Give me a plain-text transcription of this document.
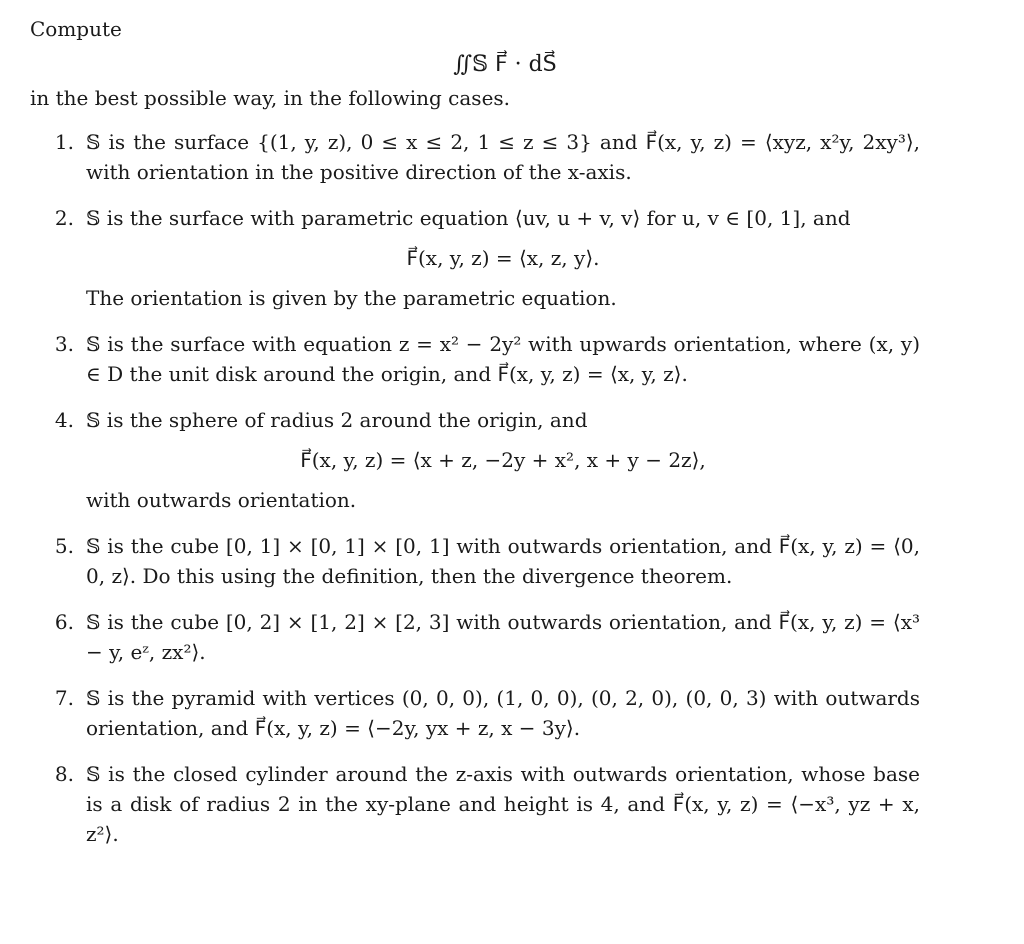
Compute

∬𝕊 F⃗ · dS⃗

in the best possible way, in the following cases.

1. 𝕊 is the surface {(1, y, z), 0 ≤ x ≤ 2, 1 ≤ z ≤ 3} and F⃗(x, y, z) = ⟨xyz, x²y, 2xy³⟩, with orientation in the positive direction of the x-axis.

2. 𝕊 is the surface with parametric equation ⟨uv, u + v, v⟩ for u, v ∈ [0, 1], and

F⃗(x, y, z) = ⟨x, z, y⟩.

The orientation is given by the parametric equation.

3. 𝕊 is the surface with equation z = x² − 2y² with upwards orientation, where (x, y) ∈ D the unit disk around the origin, and F⃗(x, y, z) = ⟨x, y, z⟩.

4. 𝕊 is the sphere of radius 2 around the origin, and

F⃗(x, y, z) = ⟨x + z, −2y + x², x + y − 2z⟩,

with outwards orientation.

5. 𝕊 is the cube [0, 1] × [0, 1] × [0, 1] with outwards orientation, and F⃗(x, y, z) = ⟨0, 0, z⟩. Do this using the definition, then the divergence theorem.

6. 𝕊 is the cube [0, 2] × [1, 2] × [2, 3] with outwards orientation, and F⃗(x, y, z) = ⟨x³ − y, eᶻ, zx²⟩.

7. 𝕊 is the pyramid with vertices (0, 0, 0), (1, 0, 0), (0, 2, 0), (0, 0, 3) with outwards orientation, and F⃗(x, y, z) = ⟨−2y, yx + z, x − 3y⟩.

8. 𝕊 is the closed cylinder around the z-axis with outwards orientation, whose base is a disk of radius 2 in the xy-plane and height is 4, and F⃗(x, y, z) = ⟨−x³, yz + x, z²⟩.
